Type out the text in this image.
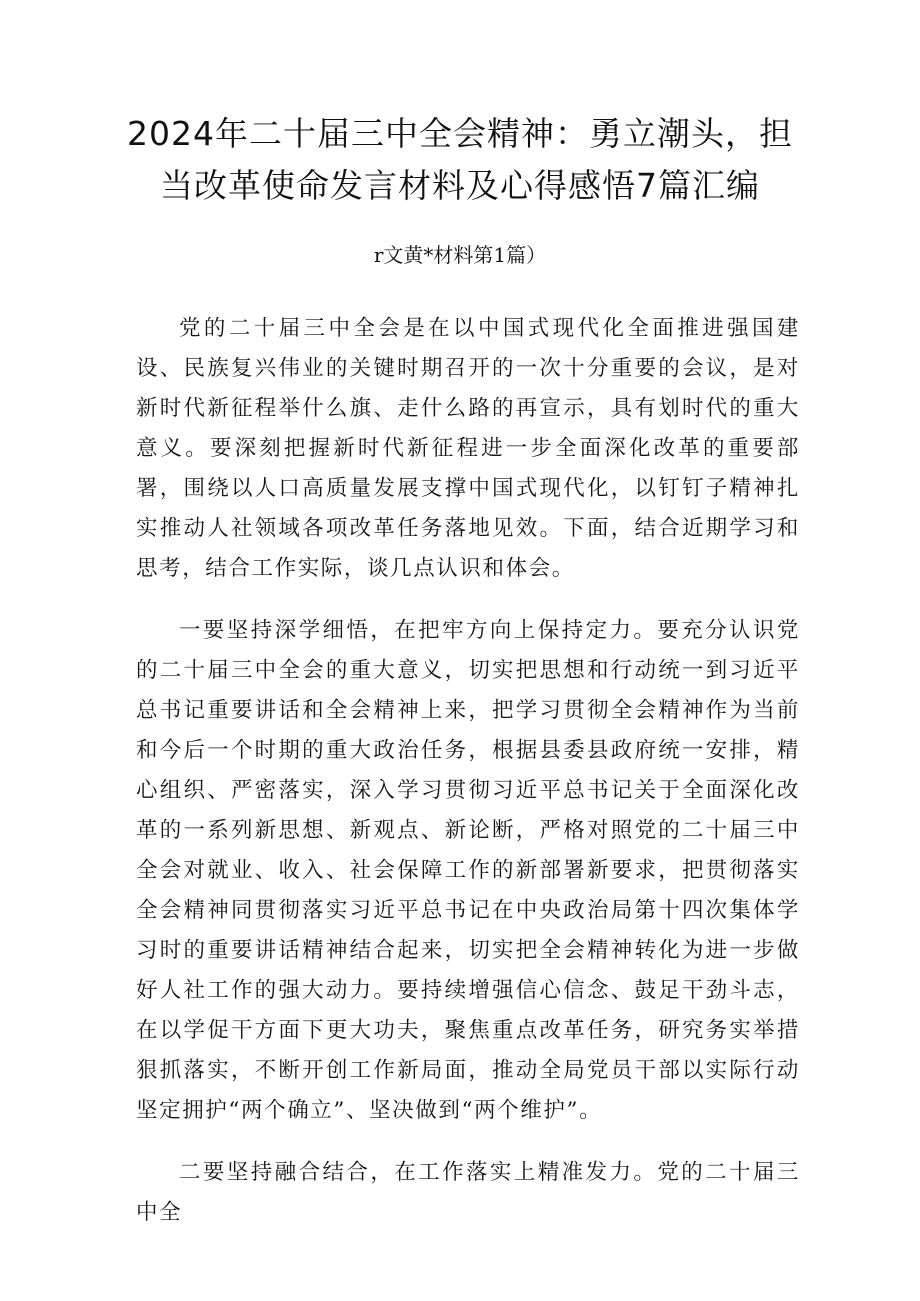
2024年二十届三中全会精神：勇立潮头，担
当改革使命发言材料及心得感悟7篇汇编
r文黄*材料第1篇）

党的二十届三中全会是在以中国式现代化全面推进强国建设、民族复兴伟业的关键时期召开的一次十分重要的会议，是对新时代新征程举什么旗、走什么路的再宣示，具有划时代的重大意义。要深刻把握新时代新征程进一步全面深化改革的重要部署，围绕以人口高质量发展支撑中国式现代化，以钉钉子精神扎实推动人社领域各项改革任务落地见效。下面，结合近期学习和思考，结合工作实际，谈几点认识和体会。

一要坚持深学细悟，在把牢方向上保持定力。要充分认识党的二十届三中全会的重大意义，切实把思想和行动统一到习近平总书记重要讲话和全会精神上来，把学习贯彻全会精神作为当前和今后一个时期的重大政治任务，根据县委县政府统一安排，精心组织、严密落实，深入学习贯彻习近平总书记关于全面深化改革的一系列新思想、新观点、新论断，严格对照党的二十届三中全会对就业、收入、社会保障工作的新部署新要求，把贯彻落实全会精神同贯彻落实习近平总书记在中央政治局第十四次集体学习时的重要讲话精神结合起来，切实把全会精神转化为进一步做好人社工作的强大动力。要持续增强信心信念、鼓足干劲斗志，在以学促干方面下更大功夫，聚焦重点改革任务，研究务实举措狠抓落实，不断开创工作新局面，推动全局党员干部以实际行动坚定拥护“两个确立”、坚决做到“两个维护”。

二要坚持融合结合，在工作落实上精准发力。党的二十届三中全
